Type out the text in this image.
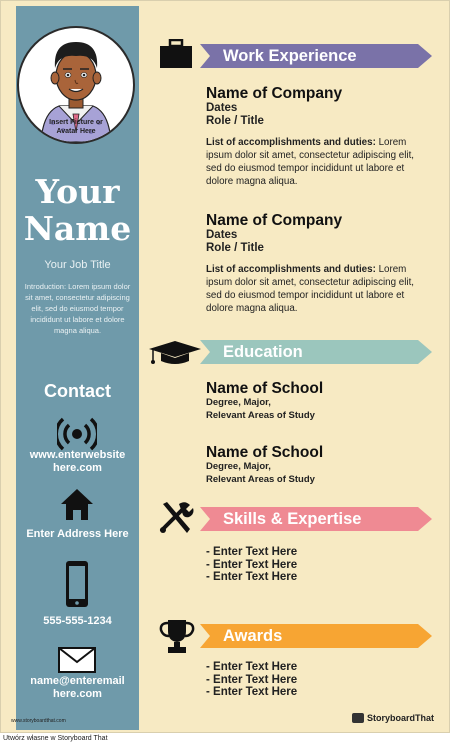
Insert Picture or
Avatar Here
Your
Name
Your Job Title
Introduction: Lorem ipsum dolor sit amet, consectetur adipiscing elit, sed do eiusmod tempor incididunt ut labore et dolore magna aliqua.
Contact
www.enterwebsite
here.com
Enter Address Here
555-555-1234
name@enteremail
here.com
www.storyboardthat.com
Work Experience
Name of Company
Dates
Role / Title
List of accomplishments and duties: Lorem ipsum dolor sit amet, consectetur adipiscing elit, sed do eiusmod tempor incididunt ut labore et dolore magna aliqua.
Name of Company
Dates
Role / Title
List of accomplishments and duties: Lorem ipsum dolor sit amet, consectetur adipiscing elit, sed do eiusmod tempor incididunt ut labore et dolore magna aliqua.
Education
Name of School
Degree, Major,
Relevant Areas of Study
Name of School
Degree, Major,
Relevant Areas of Study
Skills & Expertise
- Enter Text Here
- Enter Text Here
- Enter Text Here
Awards
- Enter Text Here
- Enter Text Here
- Enter Text Here
StoryboardThat
Utwórz własne w Storyboard That
